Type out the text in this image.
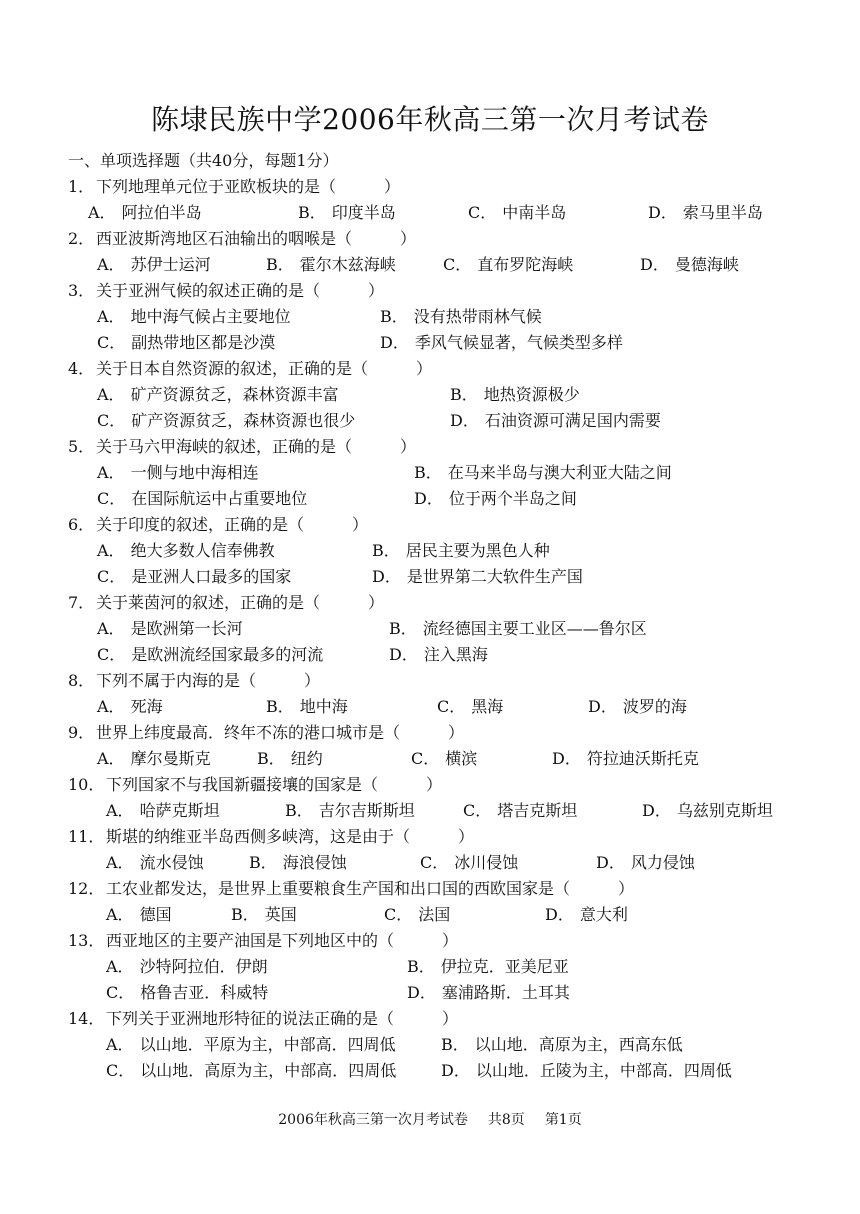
陈埭民族中学2006年秋高三第一次月考试卷
一、单项选择题（共40分，每题1分）
1． 下列地理单元位于亚欧板块的是（　　　）
A． 阿拉伯半岛	B． 印度半岛	C． 中南半岛	D． 索马里半岛
2． 西亚波斯湾地区石油输出的咽喉是（　　　）
A． 苏伊士运河	B． 霍尔木兹海峡	C． 直布罗陀海峡	D． 曼德海峡
3． 关于亚洲气候的叙述正确的是（　　　）
A． 地中海气候占主要地位	B． 没有热带雨林气候
C． 副热带地区都是沙漠	D． 季风气候显著，气候类型多样
4． 关于日本自然资源的叙述，正确的是（　　　）
A． 矿产资源贫乏，森林资源丰富	B． 地热资源极少
C． 矿产资源贫乏，森林资源也很少	D． 石油资源可满足国内需要
5． 关于马六甲海峡的叙述，正确的是（　　　）
A． 一侧与地中海相连	B． 在马来半岛与澳大利亚大陆之间
C． 在国际航运中占重要地位	D． 位于两个半岛之间
6． 关于印度的叙述，正确的是（　　　）
A． 绝大多数人信奉佛教	B． 居民主要为黑色人种
C． 是亚洲人口最多的国家	D． 是世界第二大软件生产国
7． 关于莱茵河的叙述，正确的是（　　　）
A． 是欧洲第一长河	B． 流经德国主要工业区——鲁尔区
C． 是欧洲流经国家最多的河流	D． 注入黑海
8． 下列不属于内海的是（　　　）
A． 死海	B． 地中海	C． 黑海	D． 波罗的海
9． 世界上纬度最高．终年不冻的港口城市是（　　　）
A． 摩尔曼斯克	B． 纽约	C． 横滨	D． 符拉迪沃斯托克
10． 下列国家不与我国新疆接壤的国家是（　　　）
A． 哈萨克斯坦	B． 吉尔吉斯斯坦	C． 塔吉克斯坦	D． 乌兹别克斯坦
11． 斯堪的纳维亚半岛西侧多峡湾，这是由于（　　　）
A． 流水侵蚀	B． 海浪侵蚀	C． 冰川侵蚀	D． 风力侵蚀
12． 工农业都发达，是世界上重要粮食生产国和出口国的西欧国家是（　　　）
A． 德国	B． 英国	C． 法国	D． 意大利
13． 西亚地区的主要产油国是下列地区中的（　　　）
A． 沙特阿拉伯．伊朗	B． 伊拉克．亚美尼亚
C． 格鲁吉亚．科威特	D． 塞浦路斯．土耳其
14． 下列关于亚洲地形特征的说法正确的是（　　　）
A． 以山地．平原为主，中部高．四周低	B． 以山地．高原为主，西高东低
C． 以山地．高原为主，中部高．四周低	D． 以山地．丘陵为主，中部高．四周低
2006年秋高三第一次月考试卷 共8页 第1页
